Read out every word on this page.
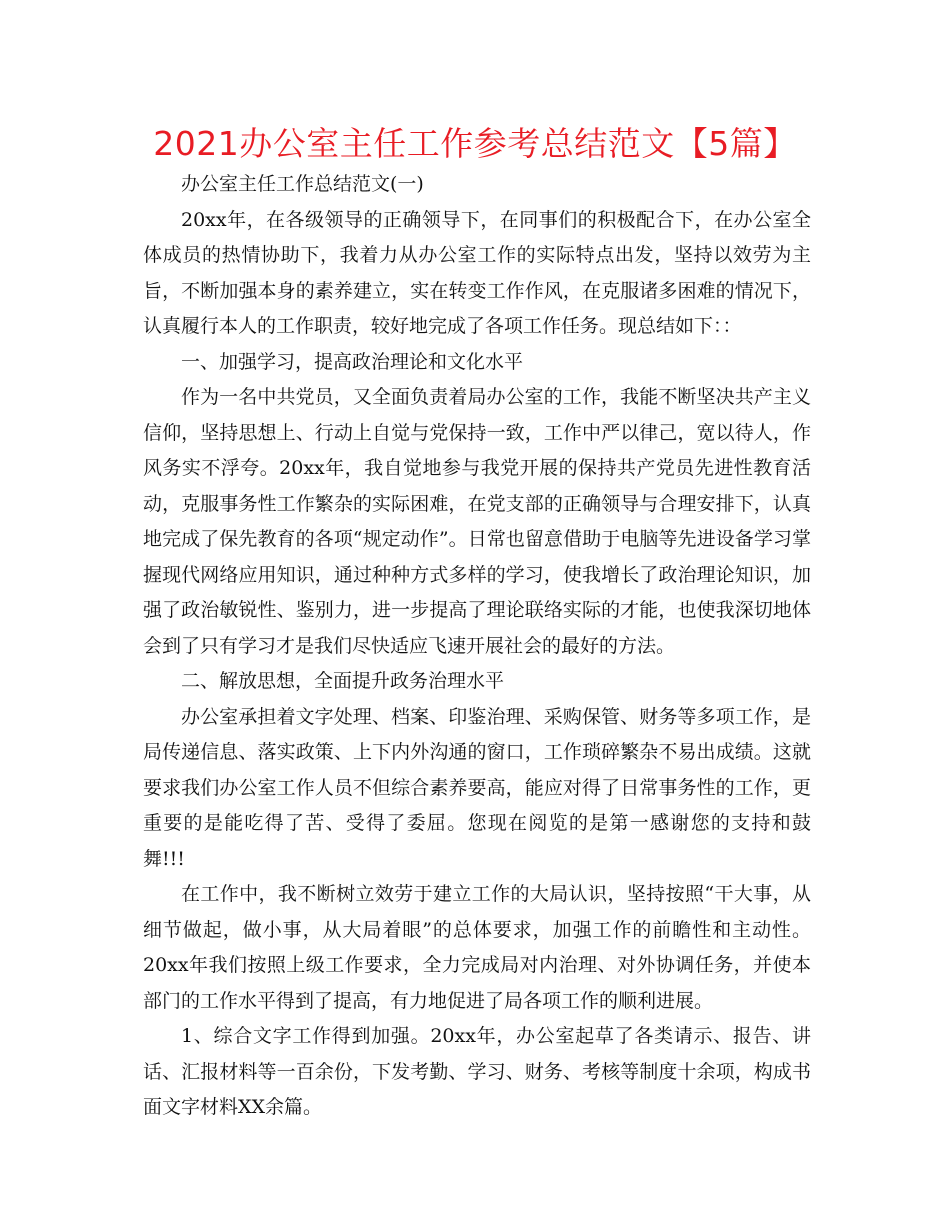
2021办公室主任工作参考总结范文【5篇】

办公室主任工作总结范文(一)

20xx年，在各级领导的正确领导下，在同事们的积极配合下，在办公室全体成员的热情协助下，我着力从办公室工作的实际特点出发，坚持以效劳为主旨，不断加强本身的素养建立，实在转变工作作风，在克服诸多困难的情况下，认真履行本人的工作职责，较好地完成了各项工作任务。现总结如下：：

一、加强学习，提高政治理论和文化水平

作为一名中共党员，又全面负责着局办公室的工作，我能不断坚决共产主义信仰，坚持思想上、行动上自觉与党保持一致，工作中严以律己，宽以待人，作风务实不浮夸。20xx年，我自觉地参与我党开展的保持共产党员先进性教育活动，克服事务性工作繁杂的实际困难，在党支部的正确领导与合理安排下，认真地完成了保先教育的各项“规定动作”。日常也留意借助于电脑等先进设备学习掌握现代网络应用知识，通过种种方式多样的学习，使我增长了政治理论知识，加强了政治敏锐性、鉴别力，进一步提高了理论联络实际的才能，也使我深切地体会到了只有学习才是我们尽快适应飞速开展社会的最好的方法。

二、解放思想，全面提升政务治理水平

办公室承担着文字处理、档案、印鉴治理、采购保管、财务等多项工作，是局传递信息、落实政策、上下内外沟通的窗口，工作琐碎繁杂不易出成绩。这就要求我们办公室工作人员不但综合素养要高，能应对得了日常事务性的工作，更重要的是能吃得了苦、受得了委屈。您现在阅览的是第一感谢您的支持和鼓舞!!!

在工作中，我不断树立效劳于建立工作的大局认识，坚持按照“干大事，从细节做起，做小事，从大局着眼”的总体要求，加强工作的前瞻性和主动性。20xx年我们按照上级工作要求，全力完成局对内治理、对外协调任务，并使本部门的工作水平得到了提高，有力地促进了局各项工作的顺利进展。

1、综合文字工作得到加强。20xx年，办公室起草了各类请示、报告、讲话、汇报材料等一百余份，下发考勤、学习、财务、考核等制度十余项，构成书面文字材料XX余篇。
